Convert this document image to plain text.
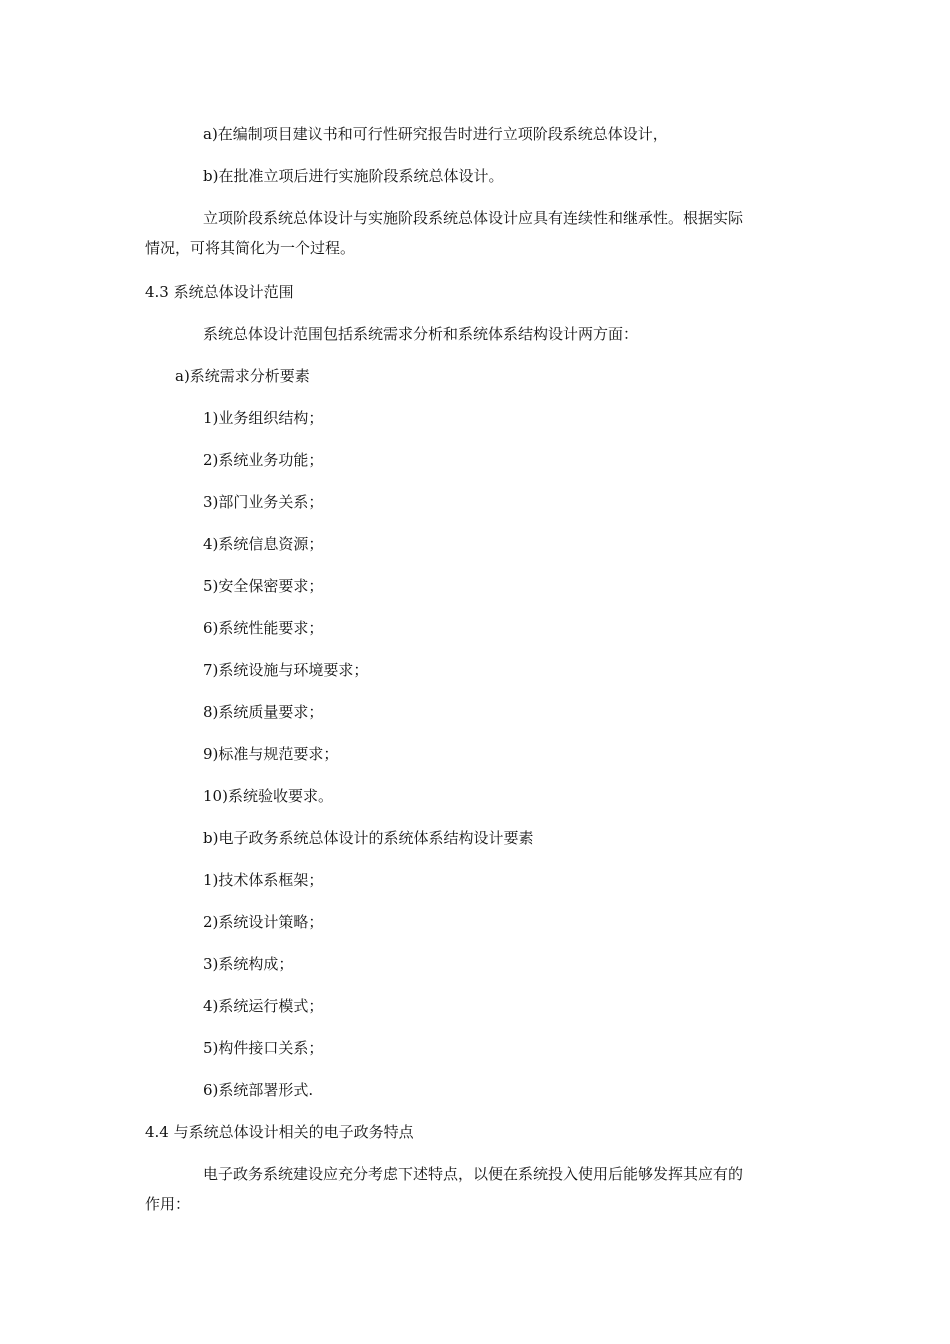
a)在编制项目建议书和可行性研究报告时进行立项阶段系统总体设计，
b)在批准立项后进行实施阶段系统总体设计。
立项阶段系统总体设计与实施阶段系统总体设计应具有连续性和继承性。根据实际
情况，可将其简化为一个过程。
4.3 系统总体设计范围
系统总体设计范围包括系统需求分析和系统体系结构设计两方面：
a)系统需求分析要素
1)业务组织结构；
2)系统业务功能；
3)部门业务关系；
4)系统信息资源；
5)安全保密要求；
6)系统性能要求；
7)系统设施与环境要求；
8)系统质量要求；
9)标准与规范要求；
10)系统验收要求。
b)电子政务系统总体设计的系统体系结构设计要素
1)技术体系框架；
2)系统设计策略；
3)系统构成；
4)系统运行模式；
5)构件接口关系；
6)系统部署形式.
4.4 与系统总体设计相关的电子政务特点
电子政务系统建设应充分考虑下述特点，以便在系统投入使用后能够发挥其应有的
作用：
